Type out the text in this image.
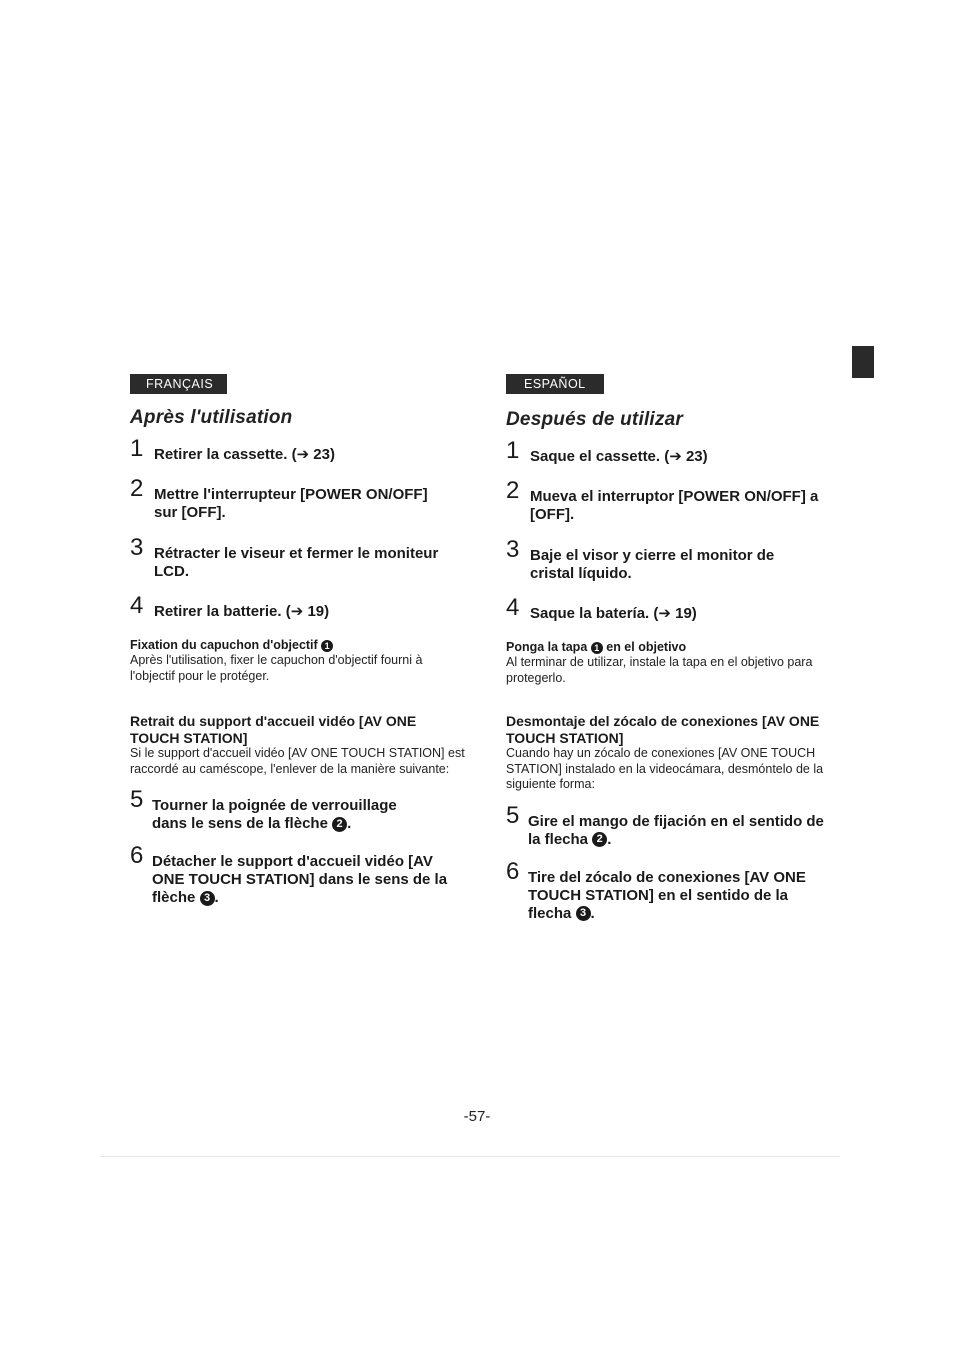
FRANÇAIS
Après l'utilisation
1 Retirer la cassette. (➔ 23)
2 Mettre l'interrupteur [POWER ON/OFF] sur [OFF].
3 Rétracter le viseur et fermer le moniteur LCD.
4 Retirer la batterie. (➔ 19)
Fixation du capuchon d'objectif 1
Après l'utilisation, fixer le capuchon d'objectif fourni à l'objectif pour le protéger.
Retrait du support d'accueil vidéo [AV ONE TOUCH STATION]
Si le support d'accueil vidéo [AV ONE TOUCH STATION] est raccordé au caméscope, l'enlever de la manière suivante:
5 Tourner la poignée de verrouillage dans le sens de la flèche 2 .
6 Détacher le support d'accueil vidéo [AV ONE TOUCH STATION] dans le sens de la flèche 3 .
ESPAÑOL
Después de utilizar
1 Saque el cassette. (➔ 23)
2 Mueva el interruptor [POWER ON/OFF] a [OFF].
3 Baje el visor y cierre el monitor de cristal líquido.
4 Saque la batería. (➔ 19)
Ponga la tapa 1 en el objetivo
Al terminar de utilizar, instale la tapa en el objetivo para protegerlo.
Desmontaje del zócalo de conexiones [AV ONE TOUCH STATION]
Cuando hay un zócalo de conexiones [AV ONE TOUCH STATION] instalado en la videocámara, desmóntelo de la siguiente forma:
5 Gire el mango de fijación en el sentido de la flecha 2 .
6 Tire del zócalo de conexiones [AV ONE TOUCH STATION] en el sentido de la flecha 3 .
-57-
